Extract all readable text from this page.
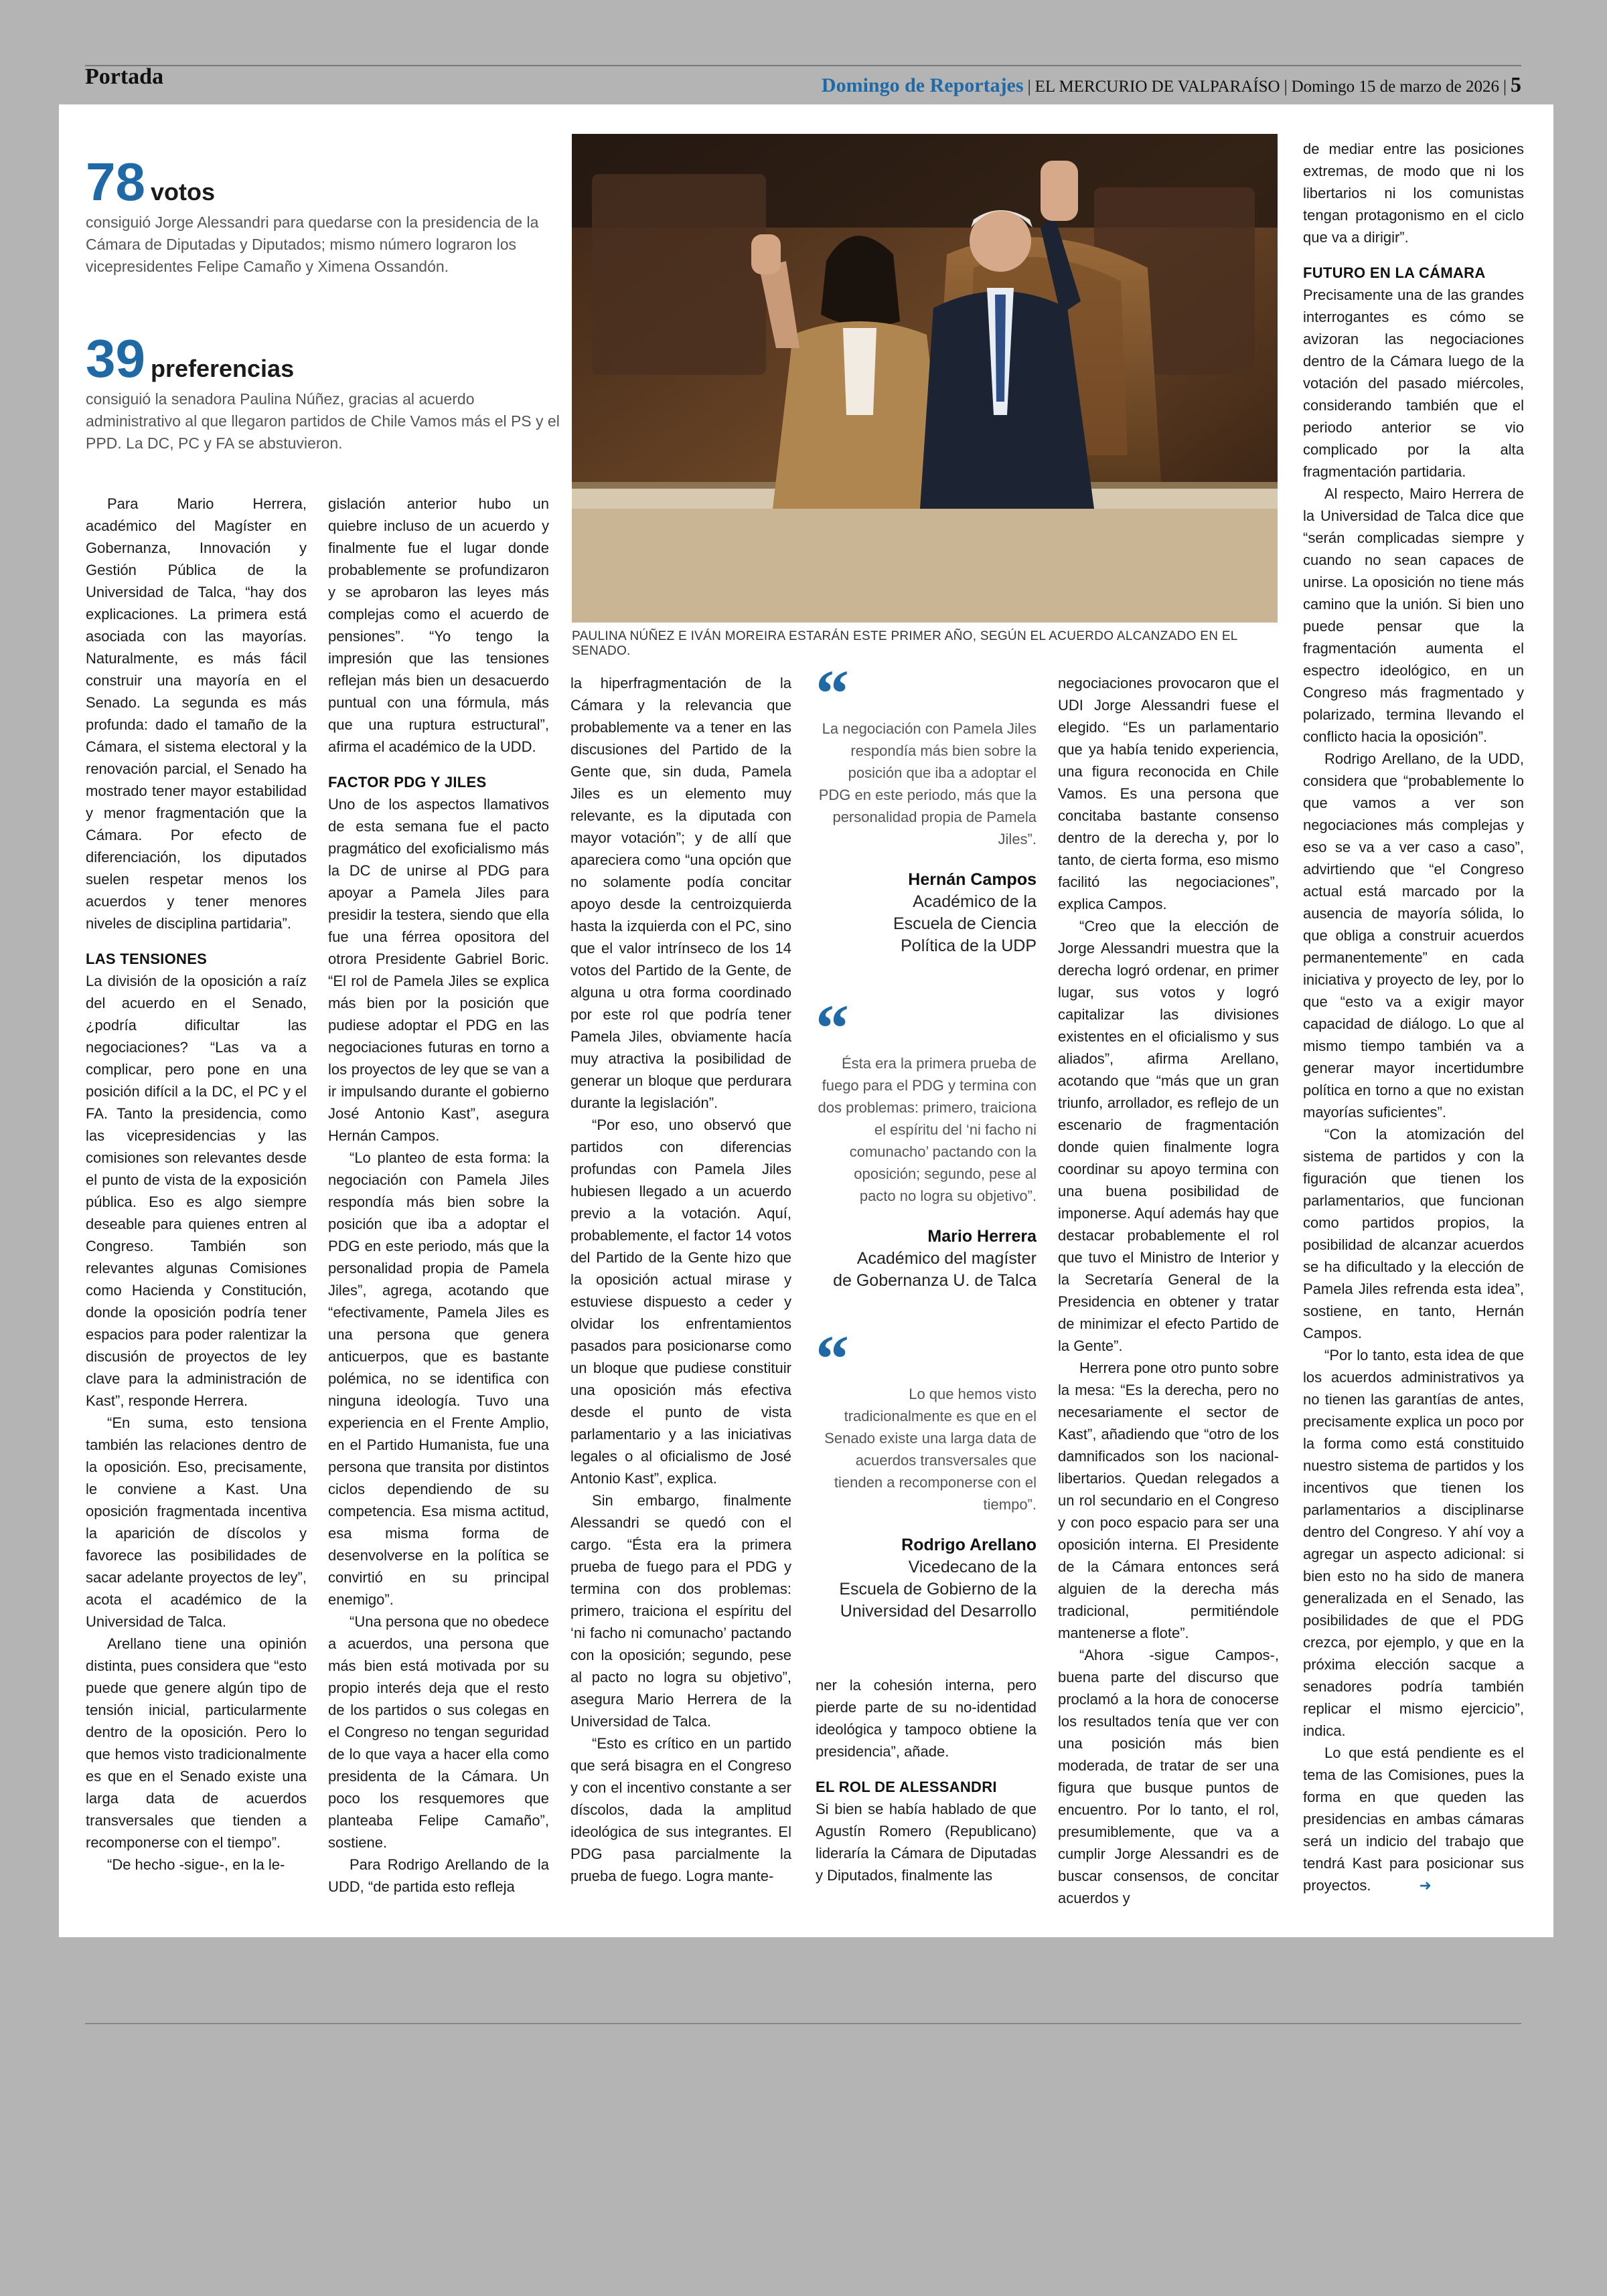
Portada	Domingo de Reportajes | EL MERCURIO DE VALPARAÍSO | Domingo 15 de marzo de 2026 | 5
78 votos
consiguió Jorge Alessandri para quedarse con la presidencia de la Cámara de Diputadas y Diputados; mismo número lograron los vicepresidentes Felipe Camaño y Ximena Ossandón.
39 preferencias
consiguió la senadora Paulina Núñez, gracias al acuerdo administrativo al que llegaron partidos de Chile Vamos más el PS y el PPD. La DC, PC y FA se abstuvieron.
PAULINA NÚÑEZ E IVÁN MOREIRA ESTARÁN ESTE PRIMER AÑO, SEGÚN EL ACUERDO ALCANZADO EN EL SENADO.

Para Mario Herrera, académico del Magíster en Gobernanza, Innovación y Gestión Pública de la Universidad de Talca, “hay dos explicaciones. La primera está asociada con las mayorías. Naturalmente, es más fácil construir una mayoría en el Senado. La segunda es más profunda: dado el tamaño de la Cámara, el sistema electoral y la renovación parcial, el Senado ha mostrado tener mayor estabilidad y menor fragmentación que la Cámara. Por efecto de diferenciación, los diputados suelen respetar menos los acuerdos y tener menores niveles de disciplina partidaria”.

LAS TENSIONES

La división de la oposición a raíz del acuerdo en el Senado, ¿podría dificultar las negociaciones? “Las va a complicar, pero pone en una posición difícil a la DC, el PC y el FA. Tanto la presidencia, como las vicepresidencias y las comisiones son relevantes desde el punto de vista de la exposición pública. Eso es algo siempre deseable para quienes entren al Congreso. También son relevantes algunas Comisiones como Hacienda y Constitución, donde la oposición podría tener espacios para poder ralentizar la discusión de proyectos de ley clave para la administración de Kast”, responde Herrera.

“En suma, esto tensiona también las relaciones dentro de la oposición. Eso, precisamente, le conviene a Kast. Una oposición fragmentada incentiva la aparición de díscolos y favorece las posibilidades de sacar adelante proyectos de ley”, acota el académico de la Universidad de Talca.

Arellano tiene una opinión distinta, pues considera que “esto puede que genere algún tipo de tensión inicial, particularmente dentro de la oposición. Pero lo que hemos visto tradicionalmente es que en el Senado existe una larga data de acuerdos transversales que tienden a recomponerse con el tiempo”.

“De hecho -sigue-, en la le-

gislación anterior hubo un quiebre incluso de un acuerdo y finalmente fue el lugar donde probablemente se profundizaron y se aprobaron las leyes más complejas como el acuerdo de pensiones”. “Yo tengo la impresión que las tensiones reflejan más bien un desacuerdo puntual con una fórmula, más que una ruptura estructural”, afirma el académico de la UDD.

FACTOR PDG Y JILES

Uno de los aspectos llamativos de esta semana fue el pacto pragmático del exoficialismo más la DC de unirse al PDG para apoyar a Pamela Jiles para presidir la testera, siendo que ella fue una férrea opositora del otrora Presidente Gabriel Boric. “El rol de Pamela Jiles se explica más bien por la posición que pudiese adoptar el PDG en las negociaciones futuras en torno a los proyectos de ley que se van a ir impulsando durante el gobierno José Antonio Kast”, asegura Hernán Campos.

“Lo planteo de esta forma: la negociación con Pamela Jiles respondía más bien sobre la posición que iba a adoptar el PDG en este periodo, más que la personalidad propia de Pamela Jiles”, agrega, acotando que “efectivamente, Pamela Jiles es una persona que genera anticuerpos, que es bastante polémica, no se identifica con ninguna ideología. Tuvo una experiencia en el Frente Amplio, en el Partido Humanista, fue una persona que transita por distintos ciclos dependiendo de su competencia. Esa misma actitud, esa misma forma de desenvolverse en la política se convirtió en su principal enemigo”.

“Una persona que no obedece a acuerdos, una persona que más bien está motivada por su propio interés deja que el resto de los partidos o sus colegas en el Congreso no tengan seguridad de lo que vaya a hacer ella como presidenta de la Cámara. Un poco los resquemores que planteaba Felipe Camaño”, sostiene.

Para Rodrigo Arellando de la UDD, “de partida esto refleja

la hiperfragmentación de la Cámara y la relevancia que probablemente va a tener en las discusiones del Partido de la Gente que, sin duda, Pamela Jiles es un elemento muy relevante, es la diputada con mayor votación”; y de allí que apareciera como “una opción que no solamente podía concitar apoyo desde la centroizquierda hasta la izquierda con el PC, sino que el valor intrínseco de los 14 votos del Partido de la Gente, de alguna u otra forma coordinado por este rol que podría tener Pamela Jiles, obviamente hacía muy atractiva la posibilidad de generar un bloque que perdurara durante la legislación”.

“Por eso, uno observó que partidos con diferencias profundas con Pamela Jiles hubiesen llegado a un acuerdo previo a la votación. Aquí, probablemente, el factor 14 votos del Partido de la Gente hizo que la oposición actual mirase y estuviese dispuesto a ceder y olvidar los enfrentamientos pasados para posicionarse como un bloque que pudiese constituir una oposición más efectiva desde el punto de vista parlamentario y a las iniciativas legales o al oficialismo de José Antonio Kast”, explica.

Sin embargo, finalmente Alessandri se quedó con el cargo. “Ésta era la primera prueba de fuego para el PDG y termina con dos problemas: primero, traiciona el espíritu del ‘ni facho ni comunacho’ pactando con la oposición; segundo, pese al pacto no logra su objetivo”, asegura Mario Herrera de la Universidad de Talca.

“Esto es crítico en un partido que será bisagra en el Congreso y con el incentivo constante a ser díscolos, dada la amplitud ideológica de sus integrantes. El PDG pasa parcialmente la prueba de fuego. Logra mante-

“
La negociación con Pamela Jiles respondía más bien sobre la posición que iba a adoptar el PDG en este periodo, más que la personalidad propia de Pamela Jiles”.
Hernán Campos
Académico de la
Escuela de Ciencia
Política de la UDP
“
Ésta era la primera prueba de fuego para el PDG y termina con dos problemas: primero, traiciona el espíritu del ‘ni facho ni comunacho’ pactando con la oposición; segundo, pese al pacto no logra su objetivo”.
Mario Herrera
Académico del magíster
de Gobernanza U. de Talca
“	Lo que hemos visto tradicionalmente es que en el Senado existe una larga data de acuerdos transversales que tienden a recomponerse con el tiempo”.
Rodrigo Arellano
Vicedecano de la
Escuela de Gobierno de la
Universidad del Desarrollo

ner la cohesión interna, pero pierde parte de su no-identidad ideológica y tampoco obtiene la presidencia”, añade.

EL ROL DE ALESSANDRI

Si bien se había hablado de que Agustín Romero (Republicano) lideraría la Cámara de Diputadas y Diputados, finalmente las

negociaciones provocaron que el UDI Jorge Alessandri fuese el elegido. “Es un parlamentario que ya había tenido experiencia, una figura reconocida en Chile Vamos. Es una persona que concitaba bastante consenso dentro de la derecha y, por lo tanto, de cierta forma, eso mismo facilitó las negociaciones”, explica Campos.

“Creo que la elección de Jorge Alessandri muestra que la derecha logró ordenar, en primer lugar, sus votos y logró capitalizar las divisiones existentes en el oficialismo y sus aliados”, afirma Arellano, acotando que “más que un gran triunfo, arrollador, es reflejo de un escenario de fragmentación donde quien finalmente logra coordinar su apoyo termina con una buena posibilidad de imponerse. Aquí además hay que destacar probablemente el rol que tuvo el Ministro de Interior y la Secretaría General de la Presidencia en obtener y tratar de minimizar el efecto Partido de la Gente”.

Herrera pone otro punto sobre la mesa: “Es la derecha, pero no necesariamente el sector de Kast”, añadiendo que “otro de los damnificados son los nacional-libertarios. Quedan relegados a un rol secundario en el Congreso y con poco espacio para ser una oposición interna. El Presidente de la Cámara entonces será alguien de la derecha más tradicional, permitiéndole mantenerse a flote”.

“Ahora -sigue Campos-, buena parte del discurso que proclamó a la hora de conocerse los resultados tenía que ver con una posición más bien moderada, de tratar de ser una figura que busque puntos de encuentro. Por lo tanto, el rol, presumiblemente, que va a cumplir Jorge Alessandri es de buscar consensos, de concitar acuerdos y

de mediar entre las posiciones extremas, de modo que ni los libertarios ni los comunistas tengan protagonismo en el ciclo que va a dirigir”.

FUTURO EN LA CÁMARA

Precisamente una de las grandes interrogantes es cómo se avizoran las negociaciones dentro de la Cámara luego de la votación del pasado miércoles, considerando también que el periodo anterior se vio complicado por la alta fragmentación partidaria.

Al respecto, Mairo Herrera de la Universidad de Talca dice que “serán complicadas siempre y cuando no sean capaces de unirse. La oposición no tiene más camino que la unión. Si bien uno puede pensar que la fragmentación aumenta el espectro ideológico, en un Congreso más fragmentado y polarizado, termina llevando el conflicto hacia la oposición”.

Rodrigo Arellano, de la UDD, considera que “probablemente lo que vamos a ver son negociaciones más complejas y eso se va a ver caso a caso”, advirtiendo que “el Congreso actual está marcado por la ausencia de mayoría sólida, lo que obliga a construir acuerdos permanentemente” en cada iniciativa y proyecto de ley, por lo que “esto va a exigir mayor capacidad de diálogo. Lo que al mismo tiempo también va a generar mayor incertidumbre política en torno a que no existan mayorías suficientes”.

“Con la atomización del sistema de partidos y con la figuración que tienen los parlamentarios, que funcionan como partidos propios, la posibilidad de alcanzar acuerdos se ha dificultado y la elección de Pamela Jiles refrenda esta idea”, sostiene, en tanto, Hernán Campos.

“Por lo tanto, esta idea de que los acuerdos administrativos ya no tienen las garantías de antes, precisamente explica un poco por la forma como está constituido nuestro sistema de partidos y los incentivos que tienen los parlamentarios a disciplinarse dentro del Congreso. Y ahí voy a agregar un aspecto adicional: si bien esto no ha sido de manera generalizada en el Senado, las posibilidades de que el PDG crezca, por ejemplo, y que en la próxima elección sacque a senadores podría también replicar el mismo ejercicio”, indica.

Lo que está pendiente es el tema de las Comisiones, pues la forma en que queden las presidencias en ambas cámaras será un indicio del trabajo que tendrá Kast para posicionar sus proyectos.	➜
